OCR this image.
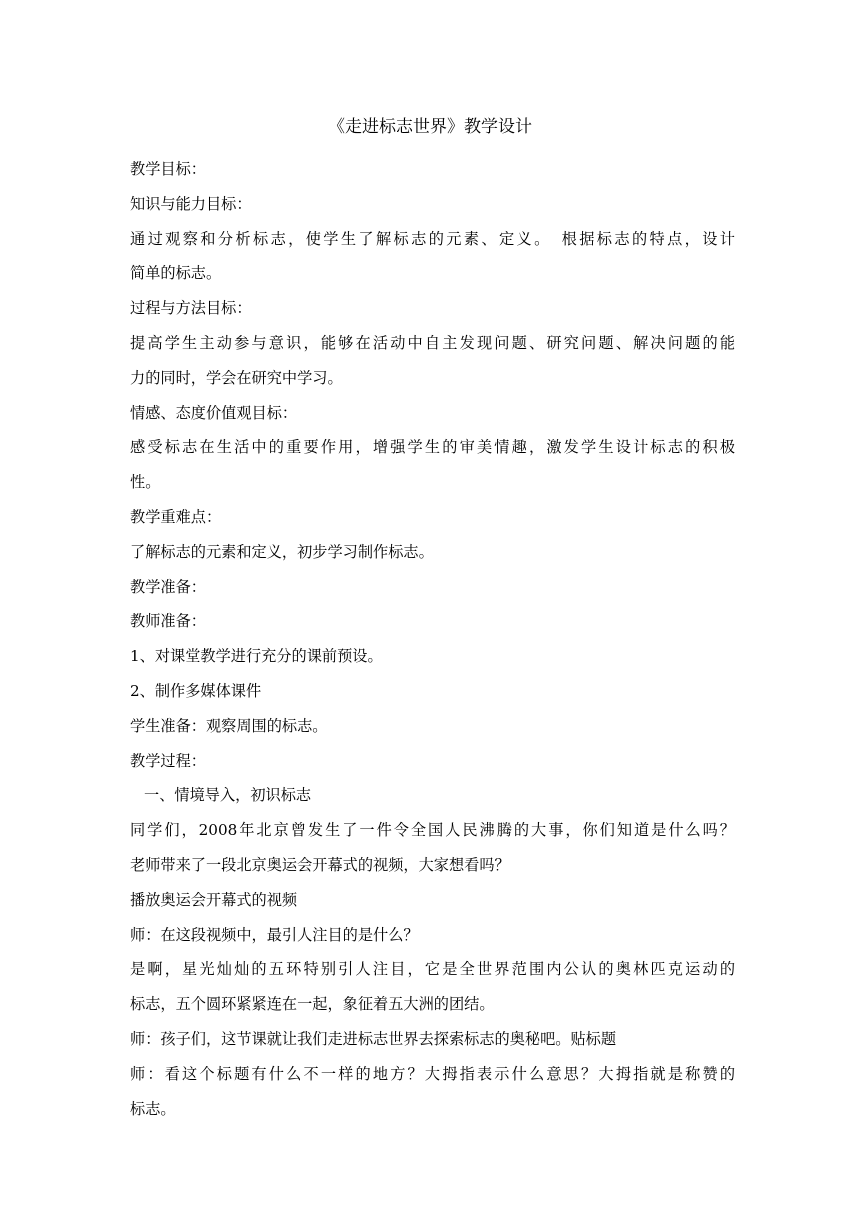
《走进标志世界》教学设计
教学目标：
知识与能力目标：
通过观察和分析标志，使学生了解标志的元素、定义。　根据标志的特点，设计
简单的标志。
过程与方法目标：
提高学生主动参与意识，能够在活动中自主发现问题、研究问题、解决问题的能
力的同时，学会在研究中学习。
情感、态度价值观目标：
感受标志在生活中的重要作用，增强学生的审美情趣，激发学生设计标志的积极
性。
教学重难点：
了解标志的元素和定义，初步学习制作标志。
教学准备：
教师准备：
1、对课堂教学进行充分的课前预设。
2、制作多媒体课件
学生准备：观察周围的标志。
教学过程：
一、情境导入，初识标志
同学们，2008年北京曾发生了一件令全国人民沸腾的大事，你们知道是什么吗？
老师带来了一段北京奥运会开幕式的视频，大家想看吗？
播放奥运会开幕式的视频
师：在这段视频中，最引人注目的是什么？
是啊，星光灿灿的五环特别引人注目，它是全世界范围内公认的奥林匹克运动的
标志，五个圆环紧紧连在一起，象征着五大洲的团结。
师：孩子们，这节课就让我们走进标志世界去探索标志的奥秘吧。贴标题
师：看这个标题有什么不一样的地方？大拇指表示什么意思？大拇指就是称赞的
标志。
